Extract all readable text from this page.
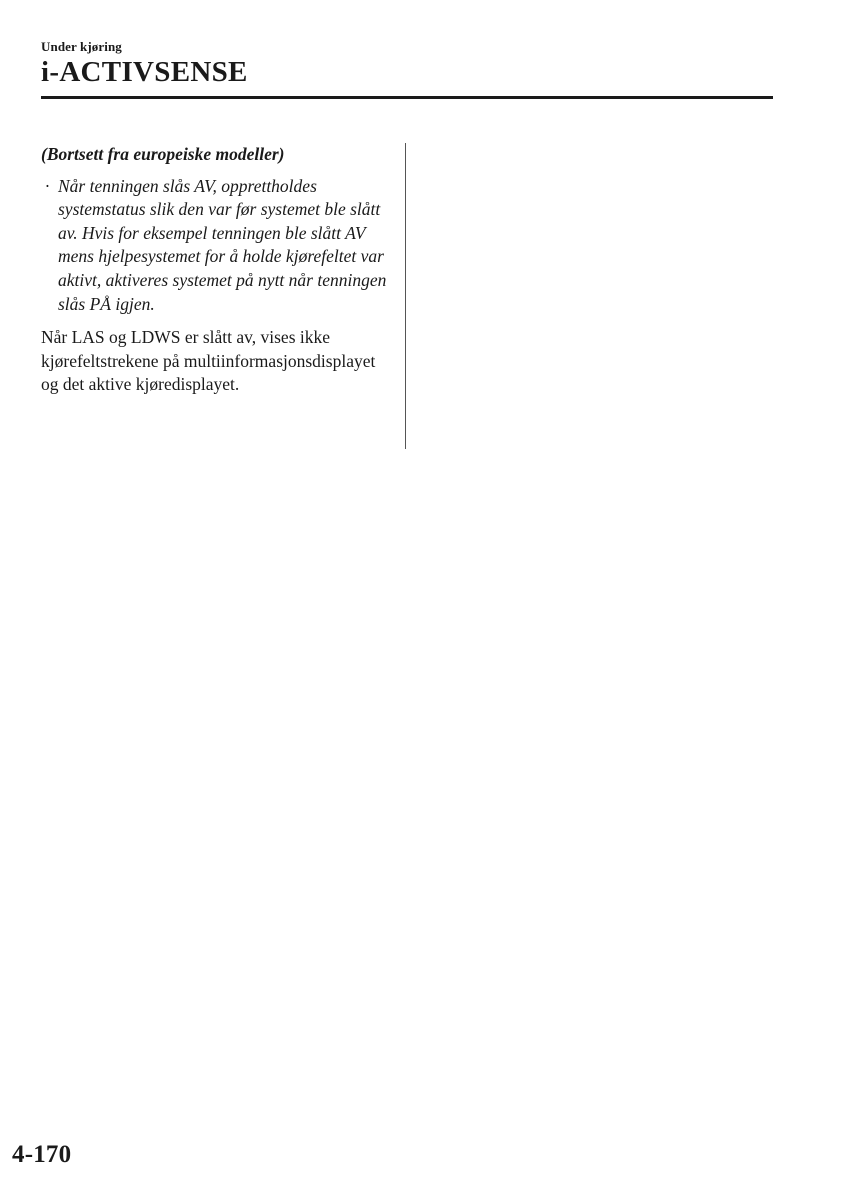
Under kjøring
i-ACTIVSENSE

(Bortsett fra europeiske modeller)

· Når tenningen slås AV, opprettholdes systemstatus slik den var før systemet ble slått av. Hvis for eksempel tenningen ble slått AV mens hjelpesystemet for å holde kjørefeltet var aktivt, aktiveres systemet på nytt når tenningen slås PÅ igjen.

Når LAS og LDWS er slått av, vises ikke kjørefeltstrekene på multiinformasjonsdisplayet og det aktive kjøredisplayet.

4-170
